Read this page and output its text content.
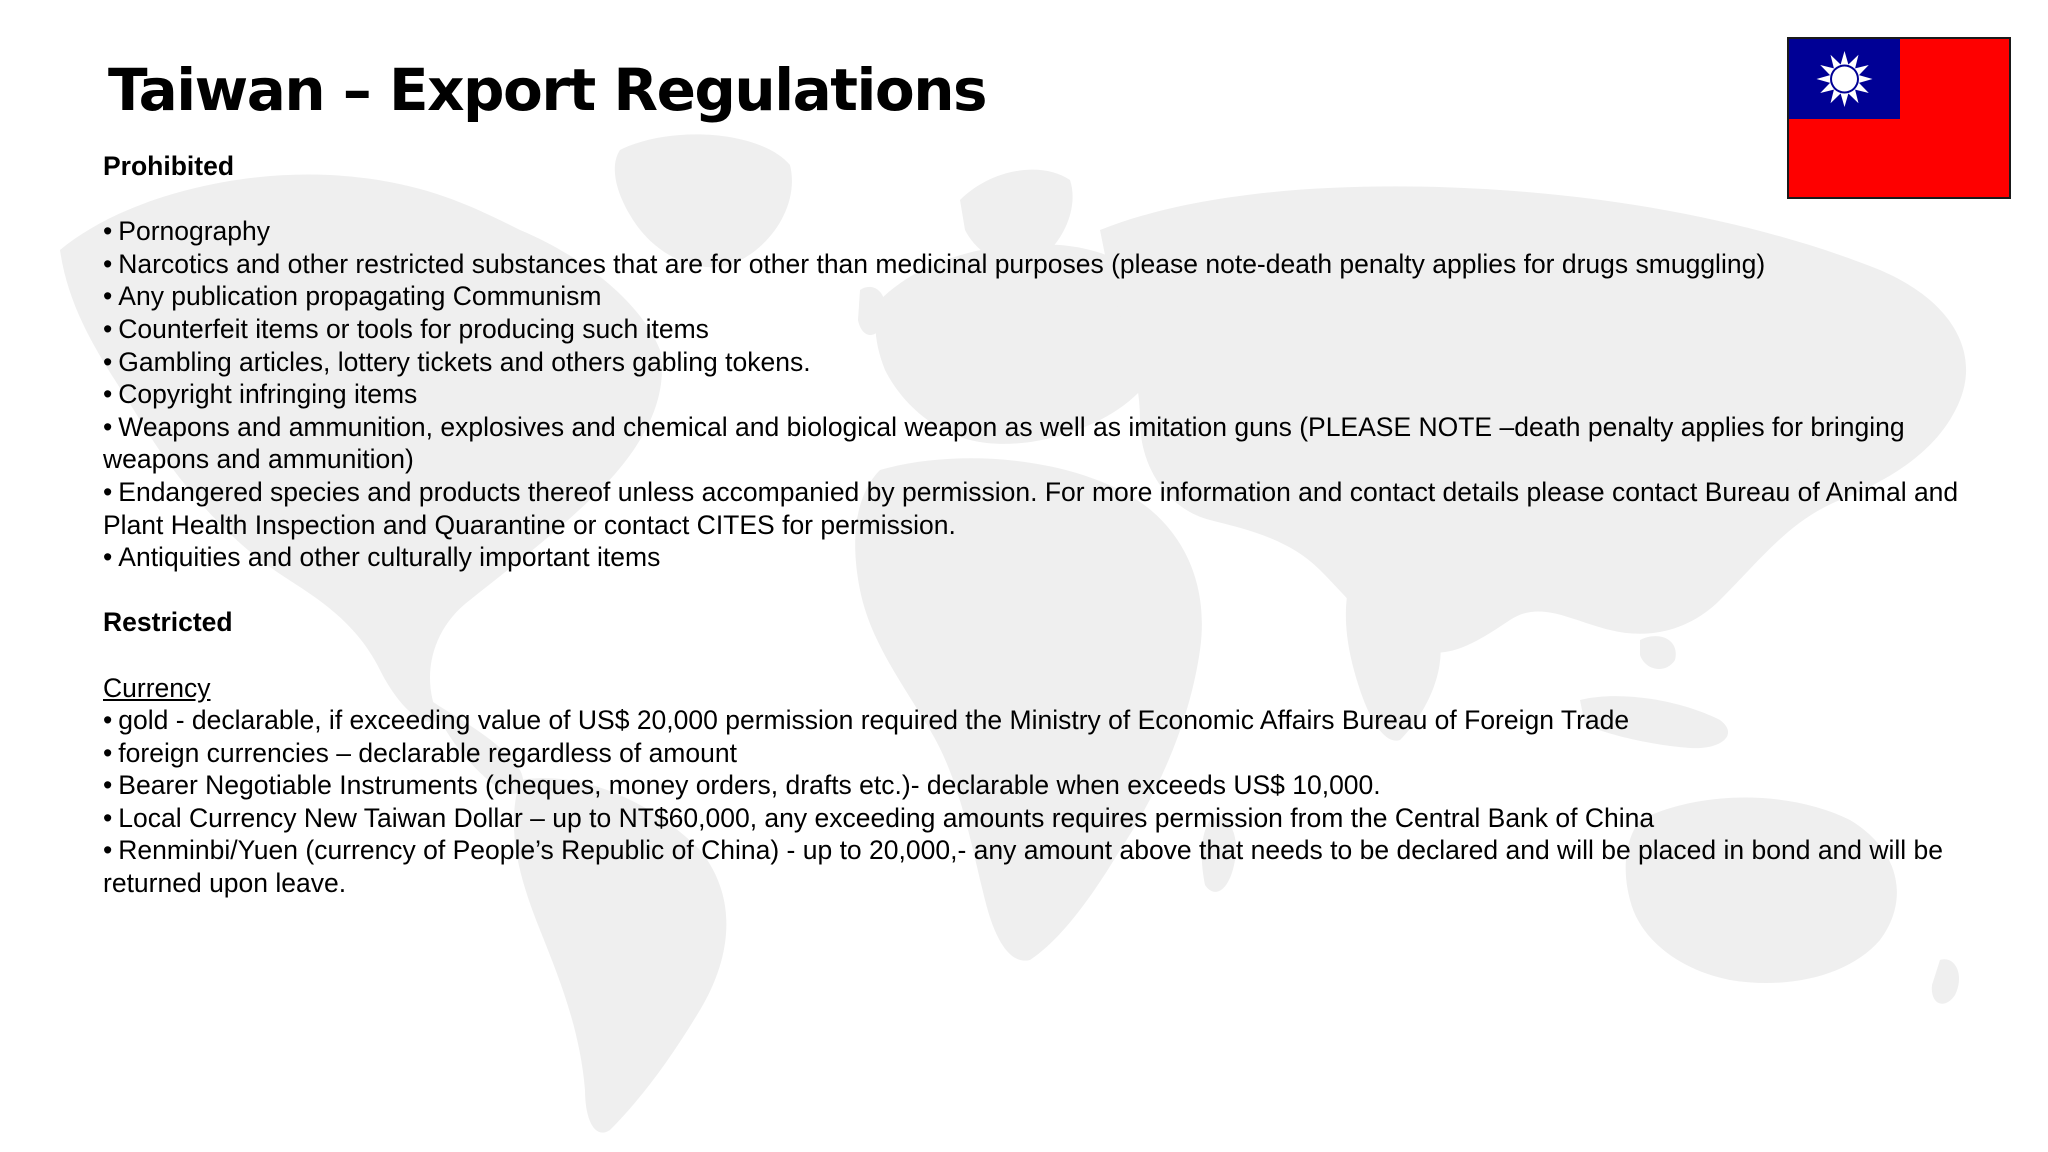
Taiwan – Export Regulations
Prohibited
• Pornography
• Narcotics and other restricted substances that are for other than medicinal purposes (please note-death penalty applies for drugs smuggling)
• Any publication propagating Communism
• Counterfeit items or tools for producing such items
• Gambling articles, lottery tickets and others gabling tokens.
• Copyright infringing items
• Weapons and ammunition, explosives and chemical and biological weapon as well as imitation guns (PLEASE NOTE –death penalty applies for bringing weapons and ammunition)
• Endangered species and products thereof unless accompanied by permission. For more information and contact details please contact Bureau of Animal and Plant Health Inspection and Quarantine or contact CITES for permission.
• Antiquities and other culturally important items
Restricted
Currency
• gold - declarable, if exceeding value of US$ 20,000 permission required the Ministry of Economic Affairs Bureau of Foreign Trade
• foreign currencies – declarable regardless of amount
• Bearer Negotiable Instruments (cheques, money orders, drafts etc.)- declarable when exceeds US$ 10,000.
• Local Currency New Taiwan Dollar – up to NT$60,000, any exceeding amounts requires permission from the Central Bank of China
• Renminbi/Yuen (currency of People’s Republic of China) - up to 20,000,- any amount above that needs to be declared and will be placed in bond and will be returned upon leave.
